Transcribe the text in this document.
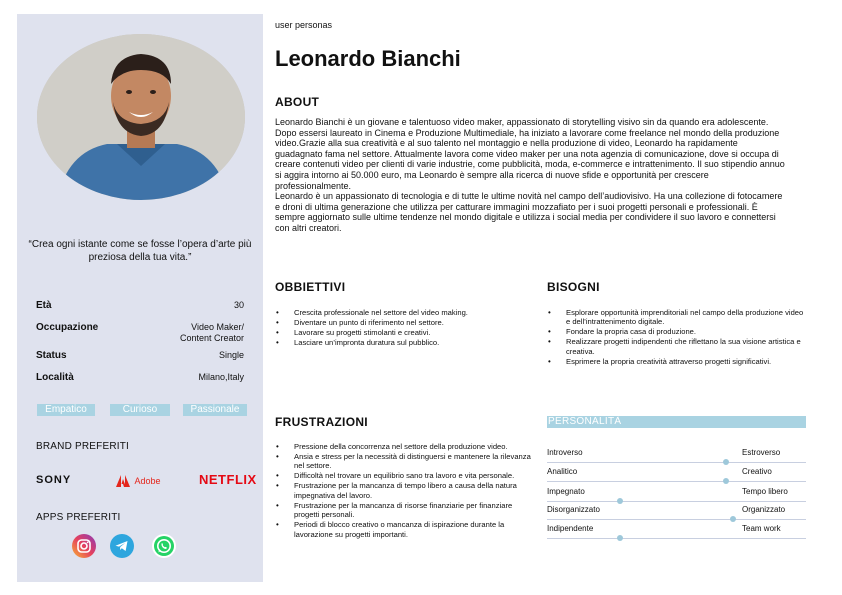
“Crea ogni istante come se fosse l’opera d’arte più preziosa della tua vita.”
Età	30
Occupazione	Video Maker/ Content Creator
Status	Single
Località	Milano,Italy
Empatico	Curioso	Passionale
BRAND PREFERITI
SONY	Adobe	NETFLIX
APPS PREFERITI
user personas
Leonardo Bianchi
ABOUT

Leonardo Bianchi è un giovane e talentuoso video maker, appassionato di storytelling visivo sin da quando era adolescente. Dopo essersi laureato in Cinema e Produzione Multimediale, ha iniziato a lavorare come freelance nel mondo della produzione video.Grazie alla sua creatività e al suo talento nel montaggio e nella produzione di video, Leonardo ha rapidamente guadagnato fama nel settore. Attualmente lavora come video maker per una nota agenzia di comunicazione, dove si occupa di creare contenuti video per clienti di varie industrie, come pubblicità, moda, e-commerce e intrattenimento. Il suo stipendio annuo si aggira intorno ai 50.000 euro, ma Leonardo è sempre alla ricerca di nuove sfide e opportunità per crescere professionalmente.

Leonardo è un appassionato di tecnologia e di tutte le ultime novità nel campo dell’audiovisivo. Ha una collezione di fotocamere e droni di ultima generazione che utilizza per catturare immagini mozzafiato per i suoi progetti personali e professionali. È sempre aggiornato sulle ultime tendenze nel mondo digitale e utilizza i social media per condividere il suo lavoro e connettersi con altri creatori.

OBBIETTIVI
• Crescita professionale nel settore del video making.
• Diventare un punto di riferimento nel settore.
• Lavorare su progetti stimolanti e creativi.
• Lasciare un’impronta duratura sul pubblico.
BISOGNI
• Esplorare opportunità imprenditoriali nel campo della produzione video e dell’intrattenimento digitale.
• Fondare la propria casa di produzione.
• Realizzare progetti indipendenti che riflettano la sua visione artistica e creativa.
• Esprimere la propria creatività attraverso progetti significativi.
FRUSTRAZIONI
• Pressione della concorrenza nel settore della produzione video.
• Ansia e stress per la necessità di distinguersi e mantenere la rilevanza nel settore.
• Difficoltà nel trovare un equilibrio sano tra lavoro e vita personale.
• Frustrazione per la mancanza di tempo libero a causa della natura impegnativa del lavoro.
• Frustrazione per la mancanza di risorse finanziarie per finanziare progetti personali.
• Periodi di blocco creativo o mancanza di ispirazione durante la lavorazione su progetti importanti.
PERSONALITÀ
Introverso	Estroverso
Analitico	Creativo
Impegnato	Tempo libero
Disorganizzato	Organizzato
Indipendente	Team work
